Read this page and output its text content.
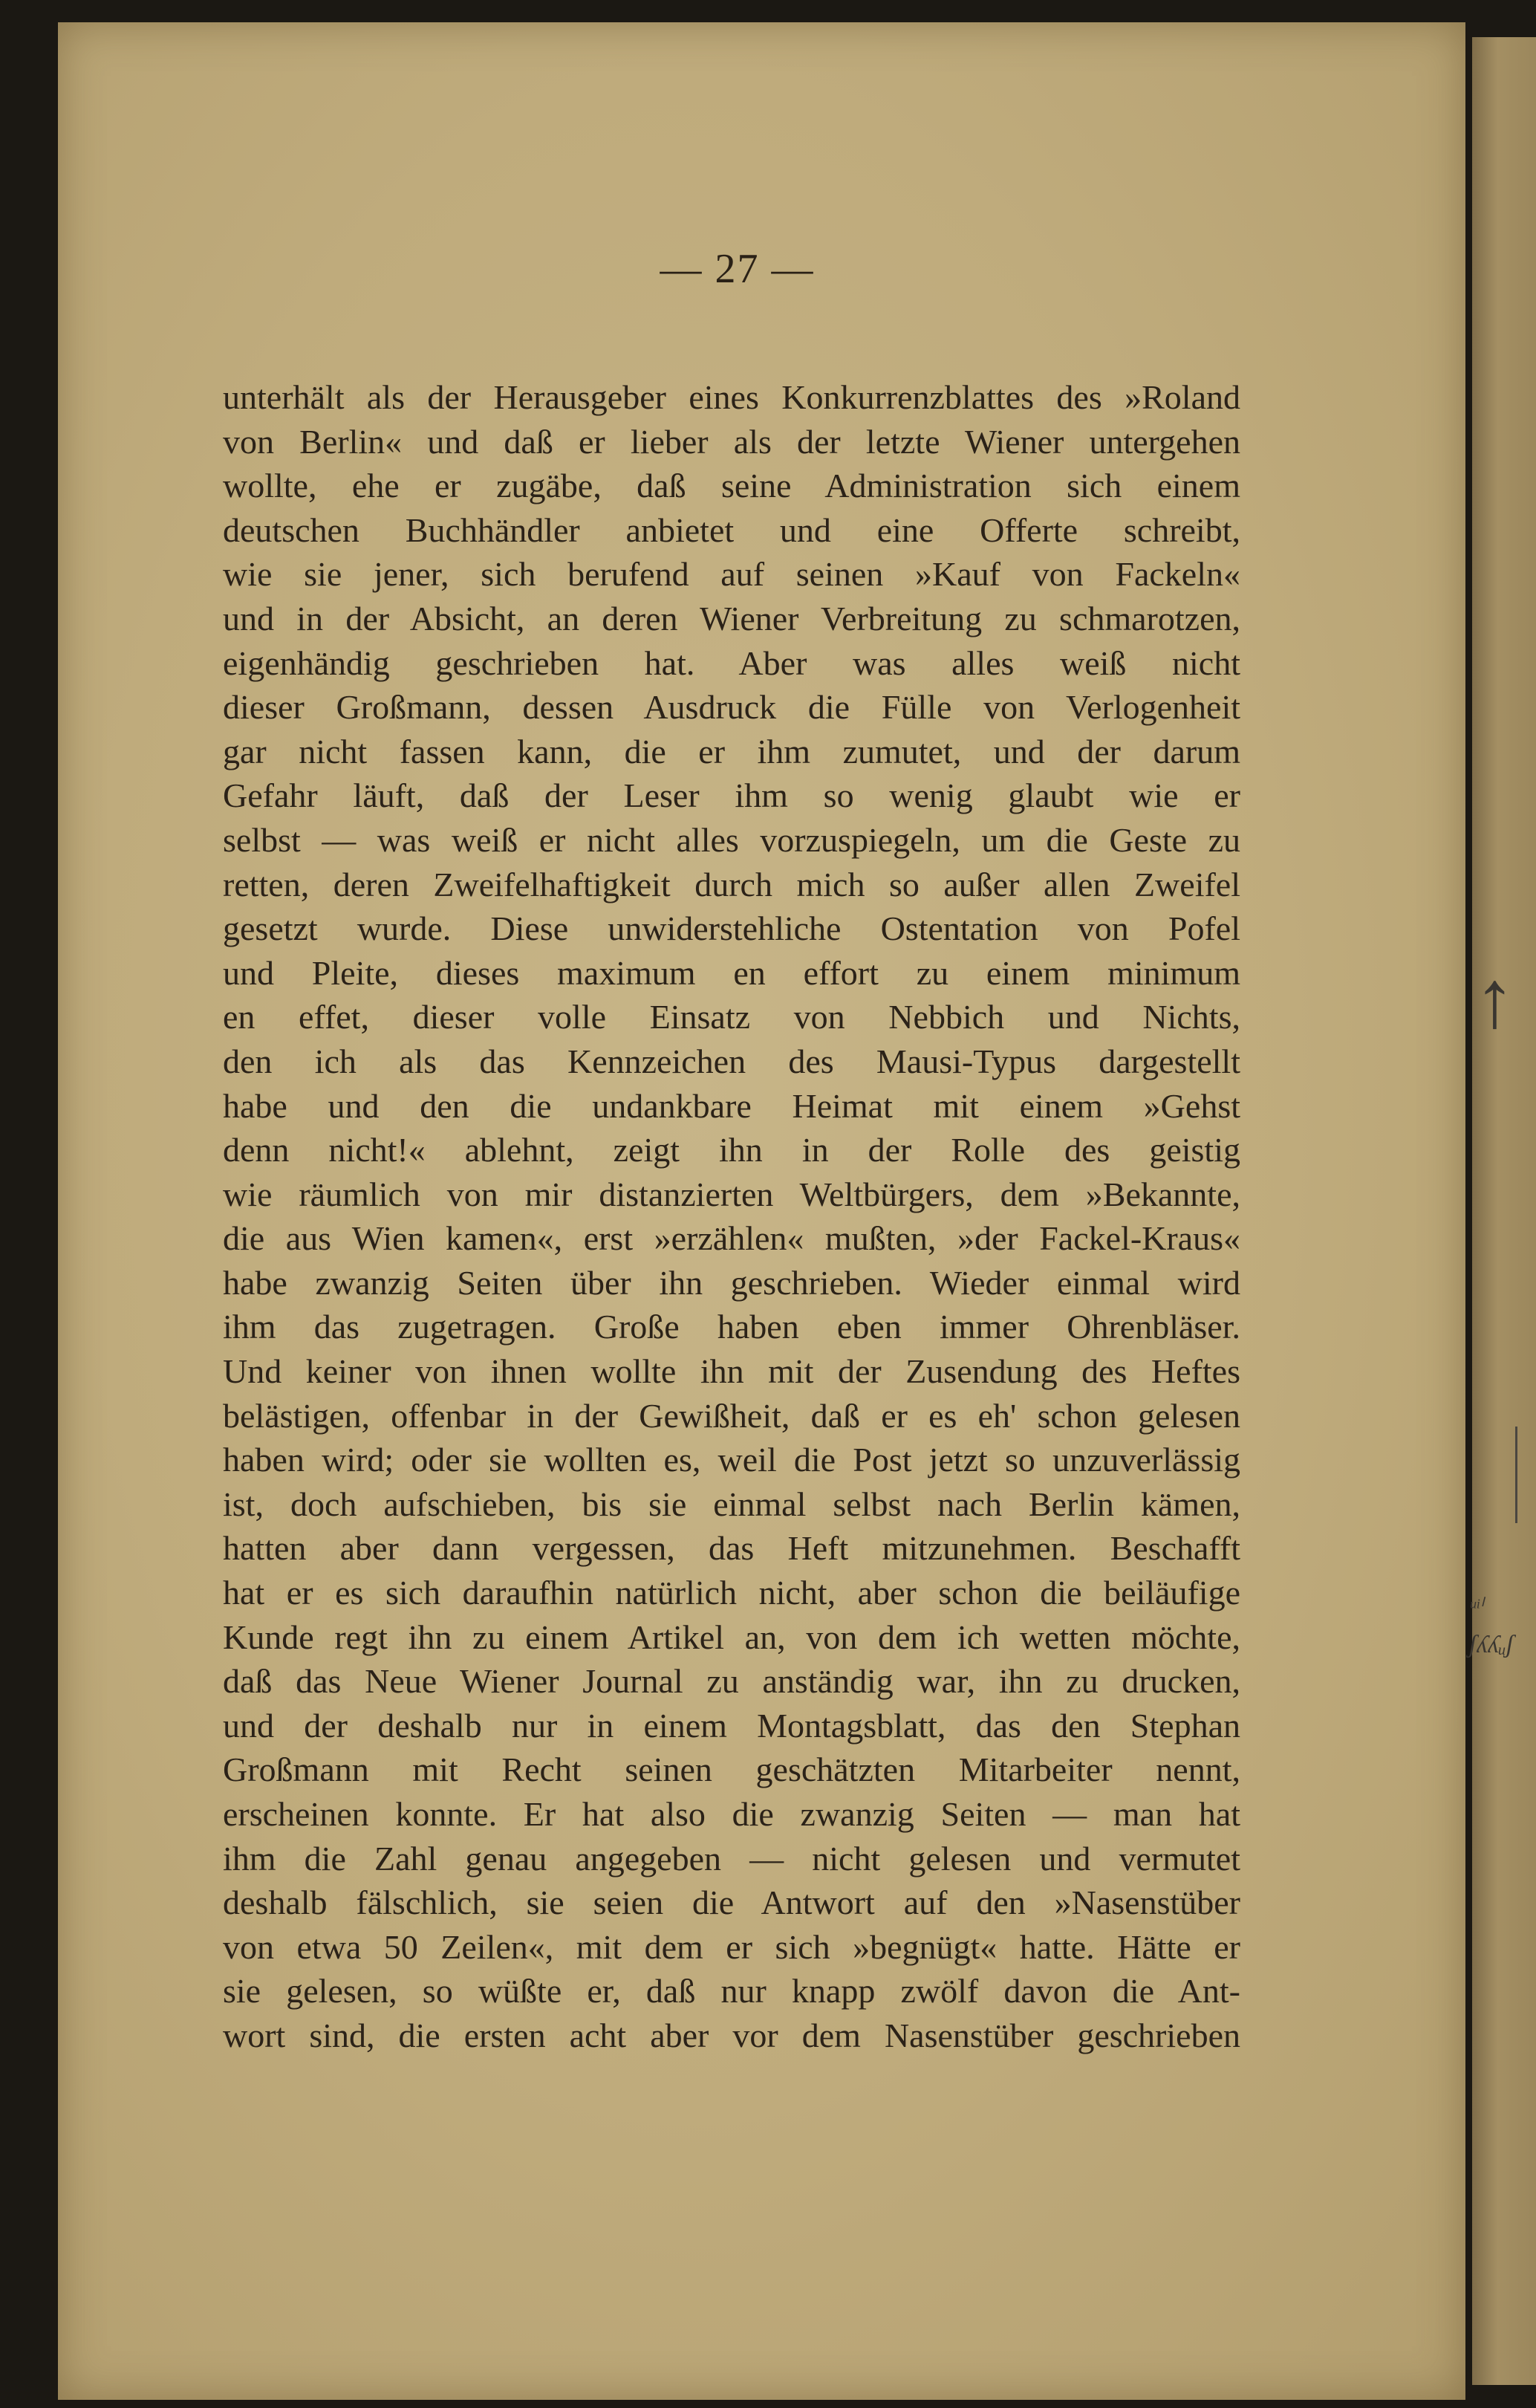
— 27 —
unterhält als der Herausgeber eines Konkurrenzblattes des »Roland
von Berlin« und daß er lieber als der letzte Wiener untergehen
wollte, ehe er zugäbe, daß seine Administration sich einem
deutschen Buchhändler anbietet und eine Offerte schreibt,
wie sie jener, sich berufend auf seinen »Kauf von Fackeln«
und in der Absicht, an deren Wiener Verbreitung zu schmarotzen,
eigenhändig geschrieben hat. Aber was alles weiß nicht
dieser Großmann, dessen Ausdruck die Fülle von Verlogenheit
gar nicht fassen kann, die er ihm zumutet, und der darum
Gefahr läuft, daß der Leser ihm so wenig glaubt wie er
selbst — was weiß er nicht alles vorzuspiegeln, um die Geste zu
retten, deren Zweifelhaftigkeit durch mich so außer allen Zweifel
gesetzt wurde. Diese unwiderstehliche Ostentation von Pofel
und Pleite, dieses maximum en effort zu einem minimum
en effet, dieser volle Einsatz von Nebbich und Nichts,
den ich als das Kennzeichen des Mausi-Typus dargestellt
habe und den die undankbare Heimat mit einem »Gehst
denn nicht!« ablehnt, zeigt ihn in der Rolle des geistig
wie räumlich von mir distanzierten Weltbürgers, dem »Bekannte,
die aus Wien kamen«, erst »erzählen« mußten, »der Fackel-Kraus«
habe zwanzig Seiten über ihn geschrieben. Wieder einmal wird
ihm das zugetragen. Große haben eben immer Ohrenbläser.
Und keiner von ihnen wollte ihn mit der Zusendung des Heftes
belästigen, offenbar in der Gewißheit, daß er es eh' schon gelesen
haben wird; oder sie wollten es, weil die Post jetzt so unzuverlässig
ist, doch aufschieben, bis sie einmal selbst nach Berlin kämen,
hatten aber dann vergessen, das Heft mitzunehmen. Beschafft
hat er es sich daraufhin natürlich nicht, aber schon die beiläufige
Kunde regt ihn zu einem Artikel an, von dem ich wetten möchte,
daß das Neue Wiener Journal zu anständig war, ihn zu drucken,
und der deshalb nur in einem Montagsblatt, das den Stephan
Großmann mit Recht seinen geschätzten Mitarbeiter nennt,
erscheinen konnte. Er hat also die zwanzig Seiten — man hat
ihm die Zahl genau angegeben — nicht gelesen und vermutet
deshalb fälschlich, sie seien die Antwort auf den »Nasenstüber
von etwa 50 Zeilen«, mit dem er sich »begnügt« hatte. Hätte er
sie gelesen, so wüßte er, daß nur knapp zwölf davon die Ant-
wort sind, die ersten acht aber vor dem Nasenstüber geschrieben
↑
ᵤᵢₗ
ʃʎʎᵤʃ
